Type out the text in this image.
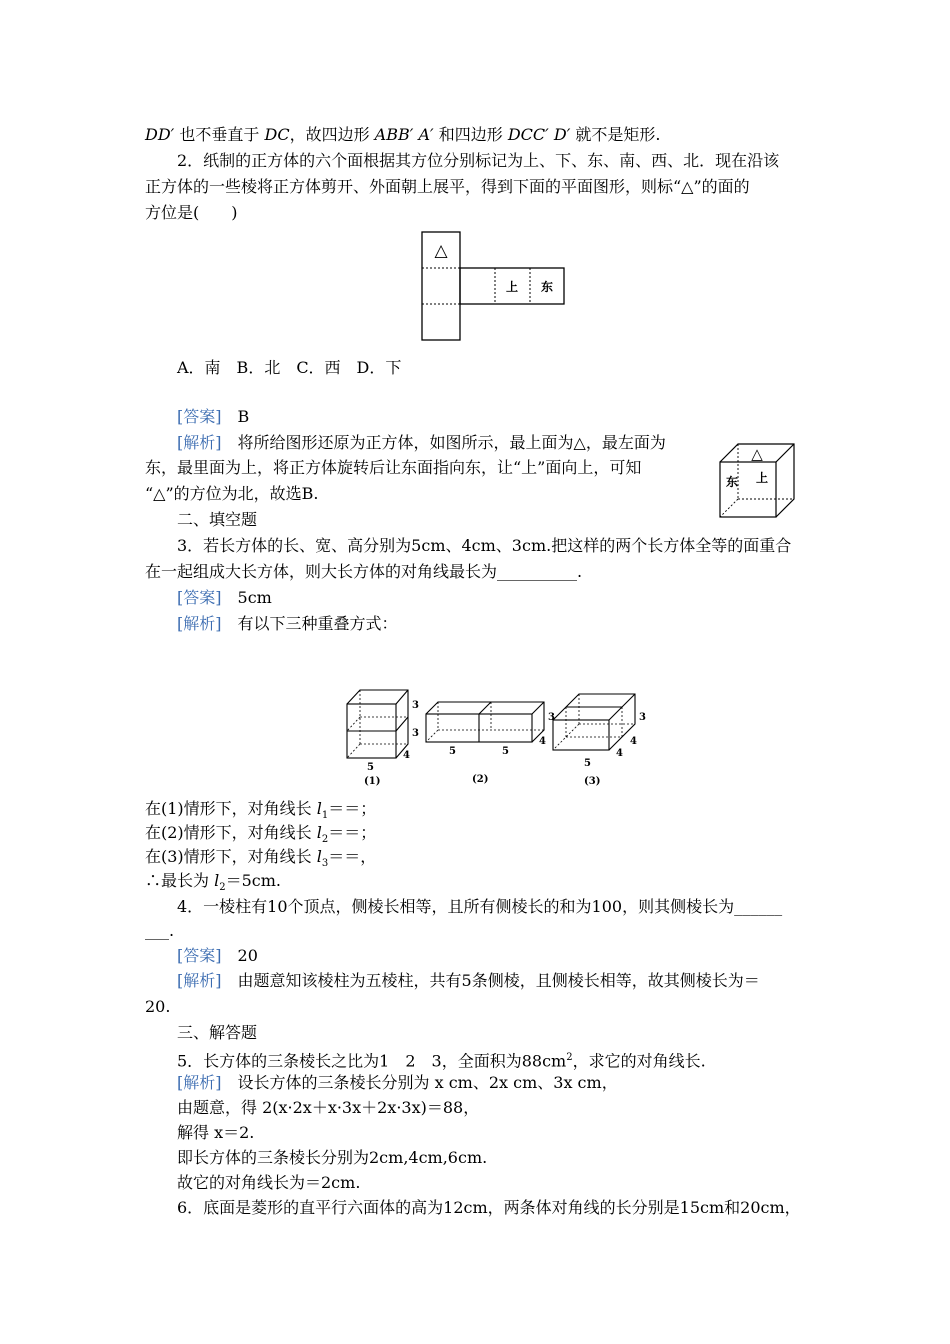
DD′ 也不垂直于 DC，故四边形 ABB′ A′ 和四边形 DCC′ D′ 就不是矩形.
2．纸制的正方体的六个面根据其方位分别标记为上、下、东、南、西、北．现在沿该
正方体的一些棱将正方体剪开、外面朝上展平，得到下面的平面图形，则标“△”的面的
方位是(　　)
△
上 东
A．南　B．北　C．西　D．下
[答案]　 B
[解析]　 将所给图形还原为正方体，如图所示，最上面为△，最左面为
东，最里面为上，将正方体旋转后让东面指向东，让“上”面向上，可知
“△”的方位为北，故选B.
△
东 上
二、填空题
3．若长方体的长、宽、高分别为5cm、4cm、3cm.把这样的两个长方体全等的面重合
在一起组成大长方体，则大长方体的对角线最长为__________.
[答案]　 5cm
[解析]　 有以下三种重叠方式：
3
3
4
5
(1)
3
4
5	5
(2)
3
4
4
5
(3)
在(1)情形下，对角线长 $l_1==$；
在(2)情形下，对角线长 $l_2==$；
在(3)情形下，对角线长 $l_3==$，
∴最长为 $l_2=5cm$.
4．一棱柱有10个顶点，侧棱长相等，且所有侧棱长的和为100，则其侧棱长为______
___.
[答案]　 20
[解析]　 由题意知该棱柱为五棱柱，共有5条侧棱，且侧棱长相等，故其侧棱长为＝
20.
三、解答题
5．长方体的三条棱长之比为1　2　3，全面积为$88cm^2$，求它的对角线长.
[解析]　 设长方体的三条棱长分别为 x cm、2x cm、3x cm，
由题意，得 2(x·2x＋x·3x＋2x·3x)＝88，
解得 x＝2.
即长方体的三条棱长分别为2cm,4cm,6cm.
故它的对角线长为＝2cm.
6．底面是菱形的直平行六面体的高为12cm，两条体对角线的长分别是15cm和20cm，
